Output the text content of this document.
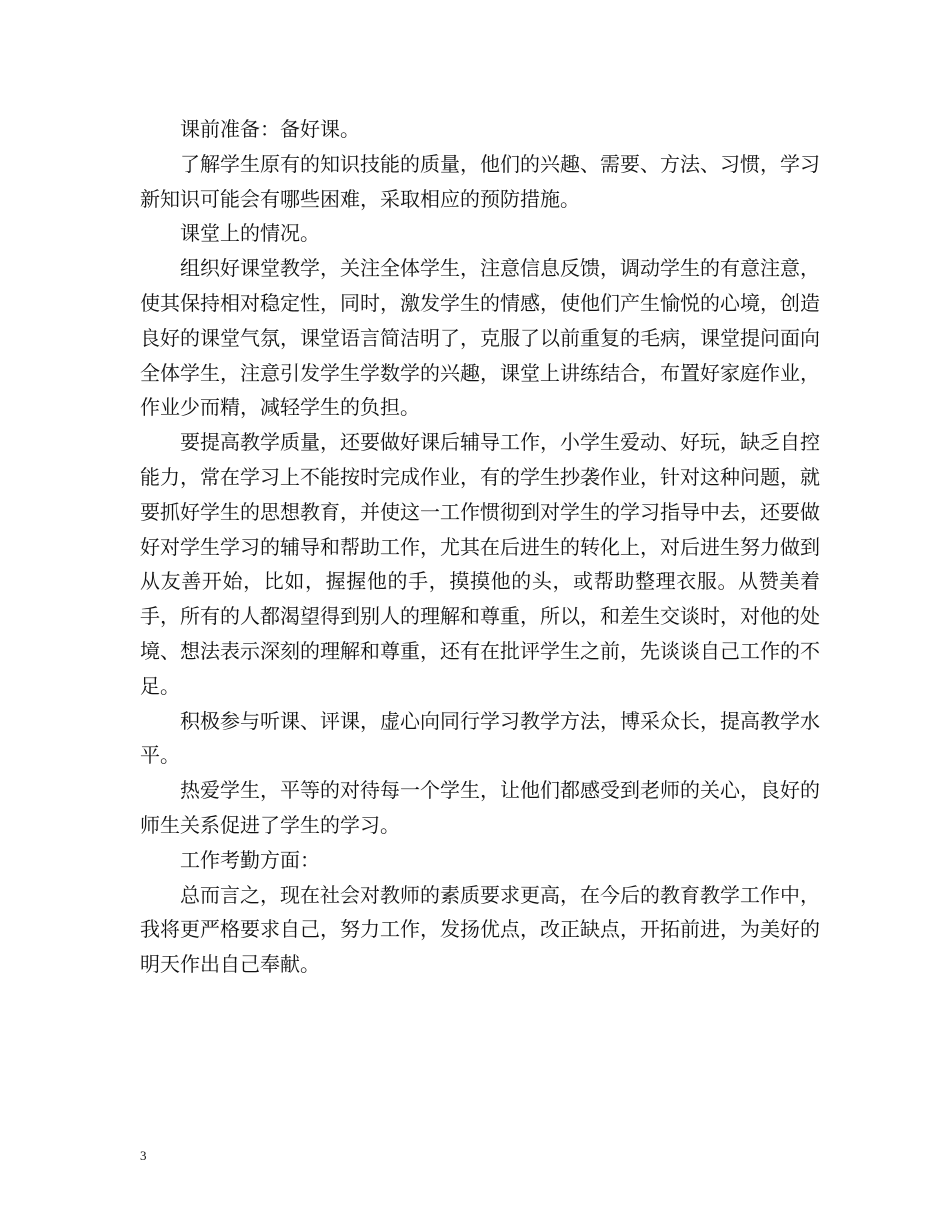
课前准备：备好课。

了解学生原有的知识技能的质量，他们的兴趣、需要、方法、习惯，学习新知识可能会有哪些困难，采取相应的预防措施。

课堂上的情况。

组织好课堂教学，关注全体学生，注意信息反馈，调动学生的有意注意，使其保持相对稳定性，同时，激发学生的情感，使他们产生愉悦的心境，创造良好的课堂气氛，课堂语言简洁明了，克服了以前重复的毛病，课堂提问面向全体学生，注意引发学生学数学的兴趣，课堂上讲练结合，布置好家庭作业，作业少而精，减轻学生的负担。

要提高教学质量，还要做好课后辅导工作，小学生爱动、好玩，缺乏自控能力，常在学习上不能按时完成作业，有的学生抄袭作业，针对这种问题，就要抓好学生的思想教育，并使这一工作惯彻到对学生的学习指导中去，还要做好对学生学习的辅导和帮助工作，尤其在后进生的转化上，对后进生努力做到从友善开始，比如，握握他的手，摸摸他的头，或帮助整理衣服。从赞美着手，所有的人都渴望得到别人的理解和尊重，所以，和差生交谈时，对他的处境、想法表示深刻的理解和尊重，还有在批评学生之前，先谈谈自己工作的不足。

积极参与听课、评课，虚心向同行学习教学方法，博采众长，提高教学水平。

热爱学生，平等的对待每一个学生，让他们都感受到老师的关心，良好的师生关系促进了学生的学习。

工作考勤方面：

总而言之，现在社会对教师的素质要求更高，在今后的教育教学工作中，我将更严格要求自己，努力工作，发扬优点，改正缺点，开拓前进，为美好的明天作出自己奉献。

3
